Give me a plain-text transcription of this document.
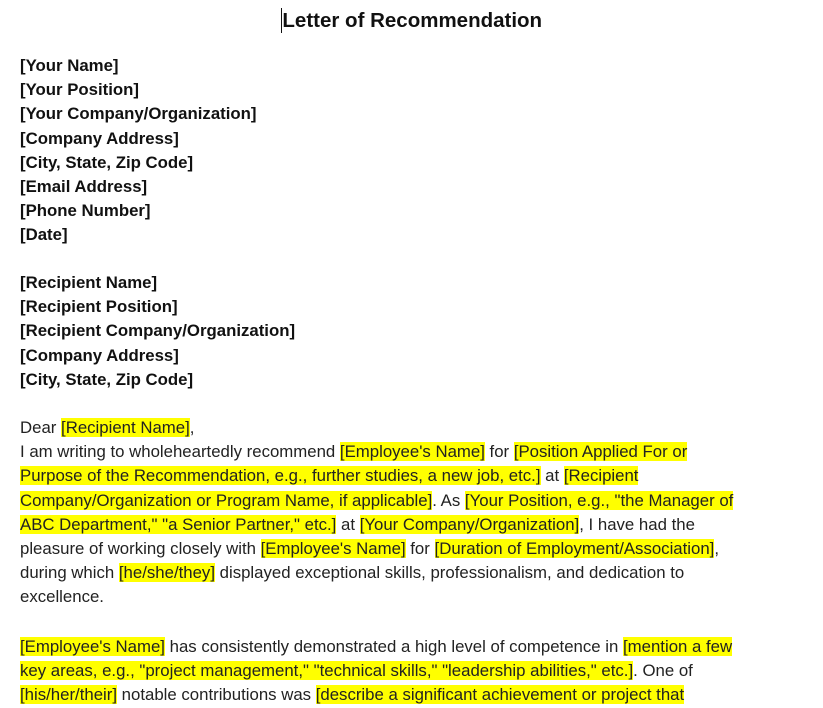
Letter of Recommendation
[Your Name]
[Your Position]
[Your Company/Organization]
[Company Address]
[City, State, Zip Code]
[Email Address]
[Phone Number]
[Date]
[Recipient Name]
[Recipient Position]
[Recipient Company/Organization]
[Company Address]
[City, State, Zip Code]
Dear [Recipient Name],
I am writing to wholeheartedly recommend [Employee's Name] for [Position Applied For or
Purpose of the Recommendation, e.g., further studies, a new job, etc.] at [Recipient
Company/Organization or Program Name, if applicable]. As [Your Position, e.g., "the Manager of
ABC Department," "a Senior Partner," etc.] at [Your Company/Organization], I have had the
pleasure of working closely with [Employee's Name] for [Duration of Employment/Association],
during which [he/she/they] displayed exceptional skills, professionalism, and dedication to
excellence.
[Employee's Name] has consistently demonstrated a high level of competence in [mention a few
key areas, e.g., "project management," "technical skills," "leadership abilities," etc.]. One of
[his/her/their] notable contributions was [describe a significant achievement or project that
